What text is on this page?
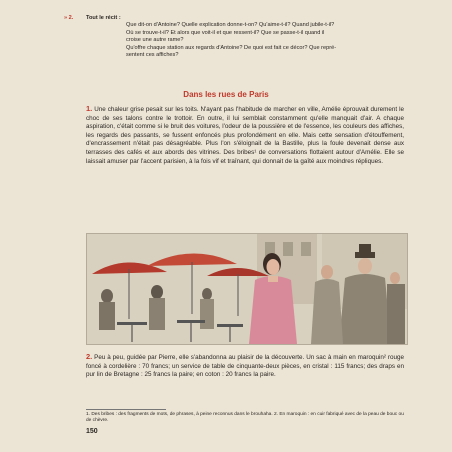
» 2. Tout le récit :
Que dit-on d'Antoine? Quelle explication donne-t-on? Qu'aime-t-il? Quand jubile-t-il?
Où se trouve-t-il? Et alors que voit-il et que ressent-il? Que se passe-t-il quand il
croise une autre rame?
Qu'offre chaque station aux regards d'Antoine? De quoi est fait ce décor? Que repré-
sentent ces affiches?
Dans les rues de Paris
1. Une chaleur grise pesait sur les toits. N'ayant pas l'habitude de marcher en ville, Amélie éprouvait durement le choc de ses talons contre le trottoir. En outre, il lui semblait constamment qu'elle manquait d'air. A chaque aspiration, c'était comme si le bruit des voitures, l'odeur de la poussière et de l'essence, les couleurs des affiches, les regards des passants, se fussent enfoncés plus profondément en elle. Mais cette sensation d'étouffement, d'encrassement n'était pas désagréable. Plus l'on s'éloignait de la Bastille, plus la foule devenait dense aux terrasses des cafés et aux abords des vitrines. Des bribes¹ de conversations flottaient autour d'Amélie. Elle se laissait amuser par l'accent parisien, à la fois vif et traînant, qui donnait de la gaîté aux moindres répliques.
2. Peu à peu, guidée par Pierre, elle s'abandonna au plaisir de la découverte. Un sac à main en maroquin² rouge foncé à cordelière : 70 francs; un service de table de cinquante-deux pièces, en cristal : 115 francs; des draps en pur lin de Bretagne : 25 francs la paire; en coton : 20 francs la paire.
1. Des bribes : des fragments de mots, de phrases, à peine reconnus dans le brouhaha. 2. En maroquin : en cuir fabriqué avec de la peau de bouc ou de chèvre.
150
